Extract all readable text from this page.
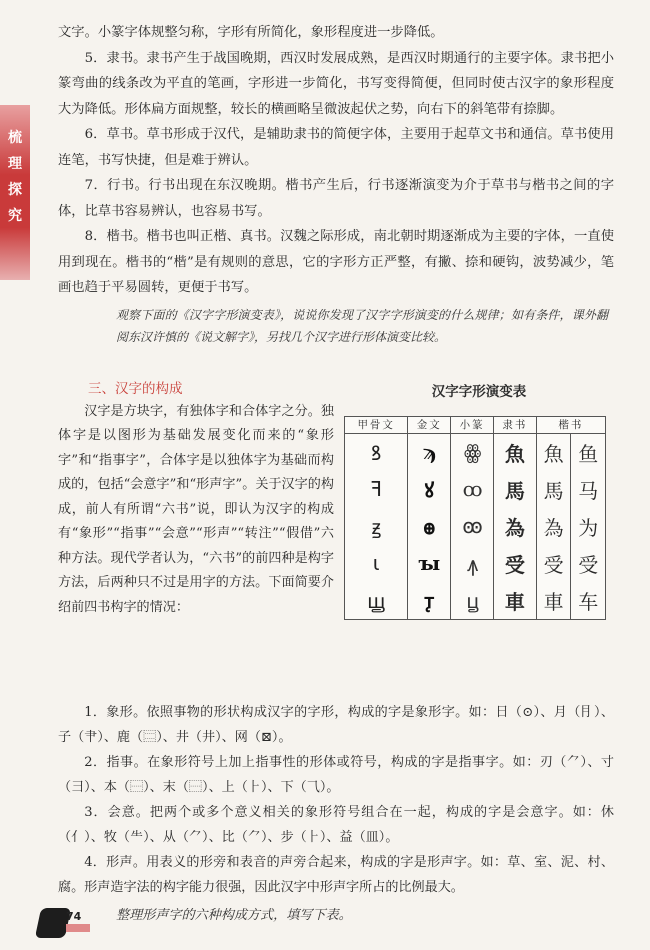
梳
理
探
究

文字。小篆字体规整匀称，字形有所简化，象形程度进一步降低。

5．隶书。隶书产生于战国晚期，西汉时发展成熟，是西汉时期通行的主要字体。隶书把小篆弯曲的线条改为平直的笔画，字形进一步简化，书写变得简便，但同时使古汉字的象形程度大为降低。形体扁方面规整，较长的横画略呈微波起伏之势，向右下的斜笔带有捺脚。

6．草书。草书形成于汉代，是辅助隶书的简便字体，主要用于起草文书和通信。草书使用连笔，书写快捷，但是难于辨认。

7．行书。行书出现在东汉晚期。楷书产生后，行书逐渐演变为介于草书与楷书之间的字体，比草书容易辨认，也容易书写。

8．楷书。楷书也叫正楷、真书。汉魏之际形成，南北朝时期逐渐成为主要的字体，一直使用到现在。楷书的“楷”是有规则的意思，它的字形方正严整，有撇、捺和硬钩，波势减少，笔画也趋于平易圆转，更便于书写。

观察下面的《汉字字形演变表》，说说你发现了汉字字形演变的什么规律；如有条件，课外翻阅东汉许慎的《说文解字》，另找几个汉字进行形体演变比较。

三、汉字的构成

汉字是方块字，有独体字和合体字之分。独体字是以图形为基础发展变化而来的“象形字”和“指事字”，合体字是以独体字为基础而构成的，包括“会意字”和“形声字”。关于汉字的构成，前人有所谓“六书”说，即认为汉字的构成有“象形”“指事”“会意”“形声”“转注”“假借”六种方法。现代学者认为，“六书”的前四种是构字方法，后两种只不过是用字的方法。下面简要介绍前四书构字的情况：

汉字字形演变表
甲骨文	金文	小篆	隶书	楷书	
ꝸ	ϡ	ꙮ	魚	魚	鱼
ꟻ	ꙋ	ꚙ	馬	馬	马
ꙃ	ꚛ	ꙭ	為	為	为
ꙇ	ꙑ	ꙟ	受	受	受
ꚗ	ꚑ	ꚏ	車	車	车

1．象形。依照事物的形状构成汉字的字形，构成的字是象形字。如：日（⊙）、月（⺝）、子（⺺）、鹿（⿳）、井（井）、网（⊠）。

2．指事。在象形符号上加上指事性的形体或符号，构成的字是指事字。如：刃（⺈）、寸（⺕）、本（⿱）、末（⿱）、上（⺊）、下（⺄）。

3．会意。把两个或多个意义相关的象形符号组合在一起，构成的字是会意字。如：休（⺅）、牧（⺧）、从（⺈）、比（⺈）、步（⺊）、益（皿）。

4．形声。用表义的形旁和表音的声旁合起来，构成的字是形声字。如：草、室、泥、村、腐。形声造字法的构字能力很强，因此汉字中形声字所占的比例最大。

整理形声字的六种构成方式，填写下表。

74
